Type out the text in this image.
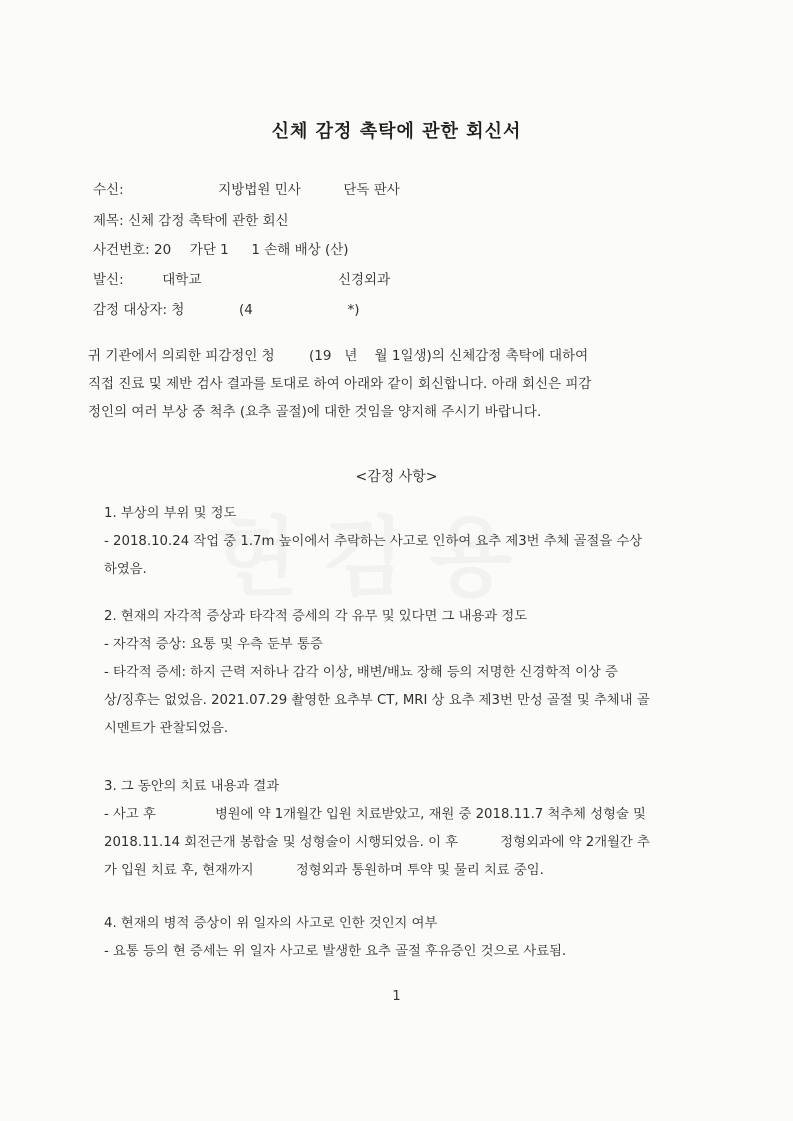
신체 감정 촉탁에 관한 회신서
수신:	지방법원 민사	단독 판사
제목: 신체 감정 촉탁에 관한 회신
사건번호: 20 가단 1 1 손해 배상 (산)
발신:	대학교	신경외과
감정 대상자: 청	(4	*)
귀 기관에서 의뢰한 피감정인 청        (19   년    월 1일생)의 신체감정 촉탁에 대하여
직접 진료 및 제반 검사 결과를 토대로 하여 아래와 같이 회신합니다. 아래 회신은 피감
정인의 여러 부상 중 척추 (요추 골절)에 대한 것임을 양지해 주시기 바랍니다.
<감정 사항>

1. 부상의 부위 및 정도

- 2018.10.24 작업 중 1.7m 높이에서 추락하는 사고로 인하여 요추 제3번 추체 골절을 수상

하였음.

2. 현재의 자각적 증상과 타각적 증세의 각 유무 및 있다면 그 내용과 정도

- 자각적 증상: 요통 및 우측 둔부 통증

- 타각적 증세: 하지 근력 저하나 감각 이상, 배변/배뇨 장해 등의 저명한 신경학적 이상 증

상/징후는 없었음. 2021.07.29 촬영한 요추부 CT, MRI 상 요추 제3번 만성 골절 및 추체내 골

시멘트가 관찰되었음.

3. 그 동안의 치료 내용과 결과

- 사고 후              병원에 약 1개월간 입원 치료받았고, 재원 중 2018.11.7 척추체 성형술 및

2018.11.14 회전근개 봉합술 및 성형술이 시행되었음. 이 후          정형외과에 약 2개월간 추

가 입원 치료 후, 현재까지          정형외과 통원하며 투약 및 물리 치료 중임.

4. 현재의 병적 증상이 위 일자의 사고로 인한 것인지 여부

- 요통 등의 현 증세는 위 일자 사고로 발생한 요추 골절 후유증인 것으로 사료됨.

1
